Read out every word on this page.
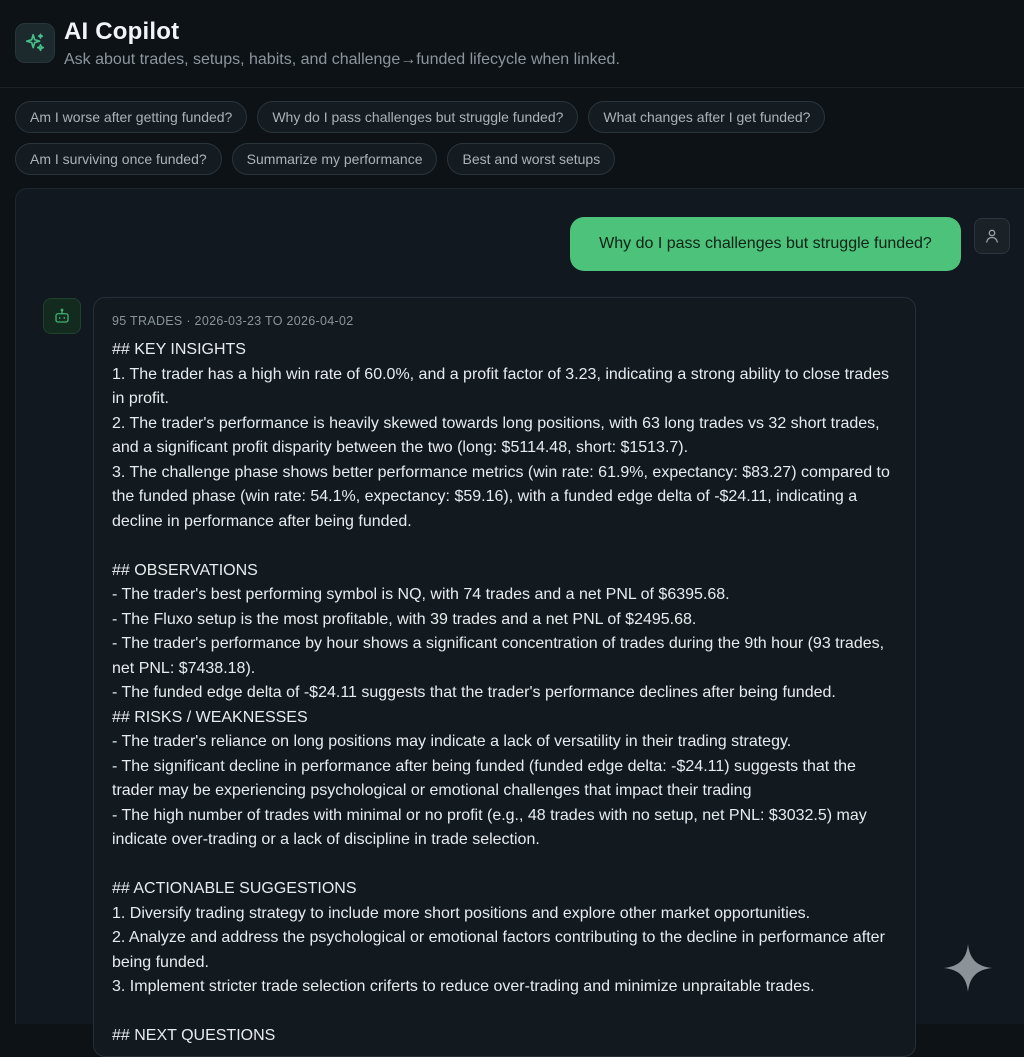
AI Copilot
Ask about trades, setups, habits, and challenge→funded lifecycle when linked.
Am I worse after getting funded?	Why do I pass challenges but struggle funded?	What changes after I get funded?
Am I surviving once funded?	Summarize my performance	Best and worst setups
Why do I pass challenges but struggle funded?
95 TRADES · 2026-03-23 TO 2026-04-02
## KEY INSIGHTS
1. The trader has a high win rate of 60.0%, and a profit factor of 3.23, indicating a strong ability to close trades in profit.
2. The trader's performance is heavily skewed towards long positions, with 63 long trades vs 32 short trades, and a significant profit disparity between the two (long: $5114.48, short: $1513.7).
3. The challenge phase shows better performance metrics (win rate: 61.9%, expectancy: $83.27) compared to the funded phase (win rate: 54.1%, expectancy: $59.16), with a funded edge delta of -$24.11, indicating a decline in performance after being funded.

## OBSERVATIONS
- The trader's best performing symbol is NQ, with 74 trades and a net PNL of $6395.68.
- The Fluxo setup is the most profitable, with 39 trades and a net PNL of $2495.68.
- The trader's performance by hour shows a significant concentration of trades during the 9th hour (93 trades, net PNL: $7438.18).
- The funded edge delta of -$24.11 suggests that the trader's performance declines after being funded.
## RISKS / WEAKNESSES
- The trader's reliance on long positions may indicate a lack of versatility in their trading strategy.
- The significant decline in performance after being funded (funded edge delta: -$24.11) suggests that the trader may be experiencing psychological or emotional challenges that impact their trading
- The high number of trades with minimal or no profit (e.g., 48 trades with no setup, net PNL: $3032.5) may indicate over-trading or a lack of discipline in trade selection.

## ACTIONABLE SUGGESTIONS
1. Diversify trading strategy to include more short positions and explore other market opportunities.
2. Analyze and address the psychological or emotional factors contributing to the decline in performance after being funded.
3. Implement stricter trade selection criferts to reduce over-trading and minimize unpraitable trades.

## NEXT QUESTIONS
